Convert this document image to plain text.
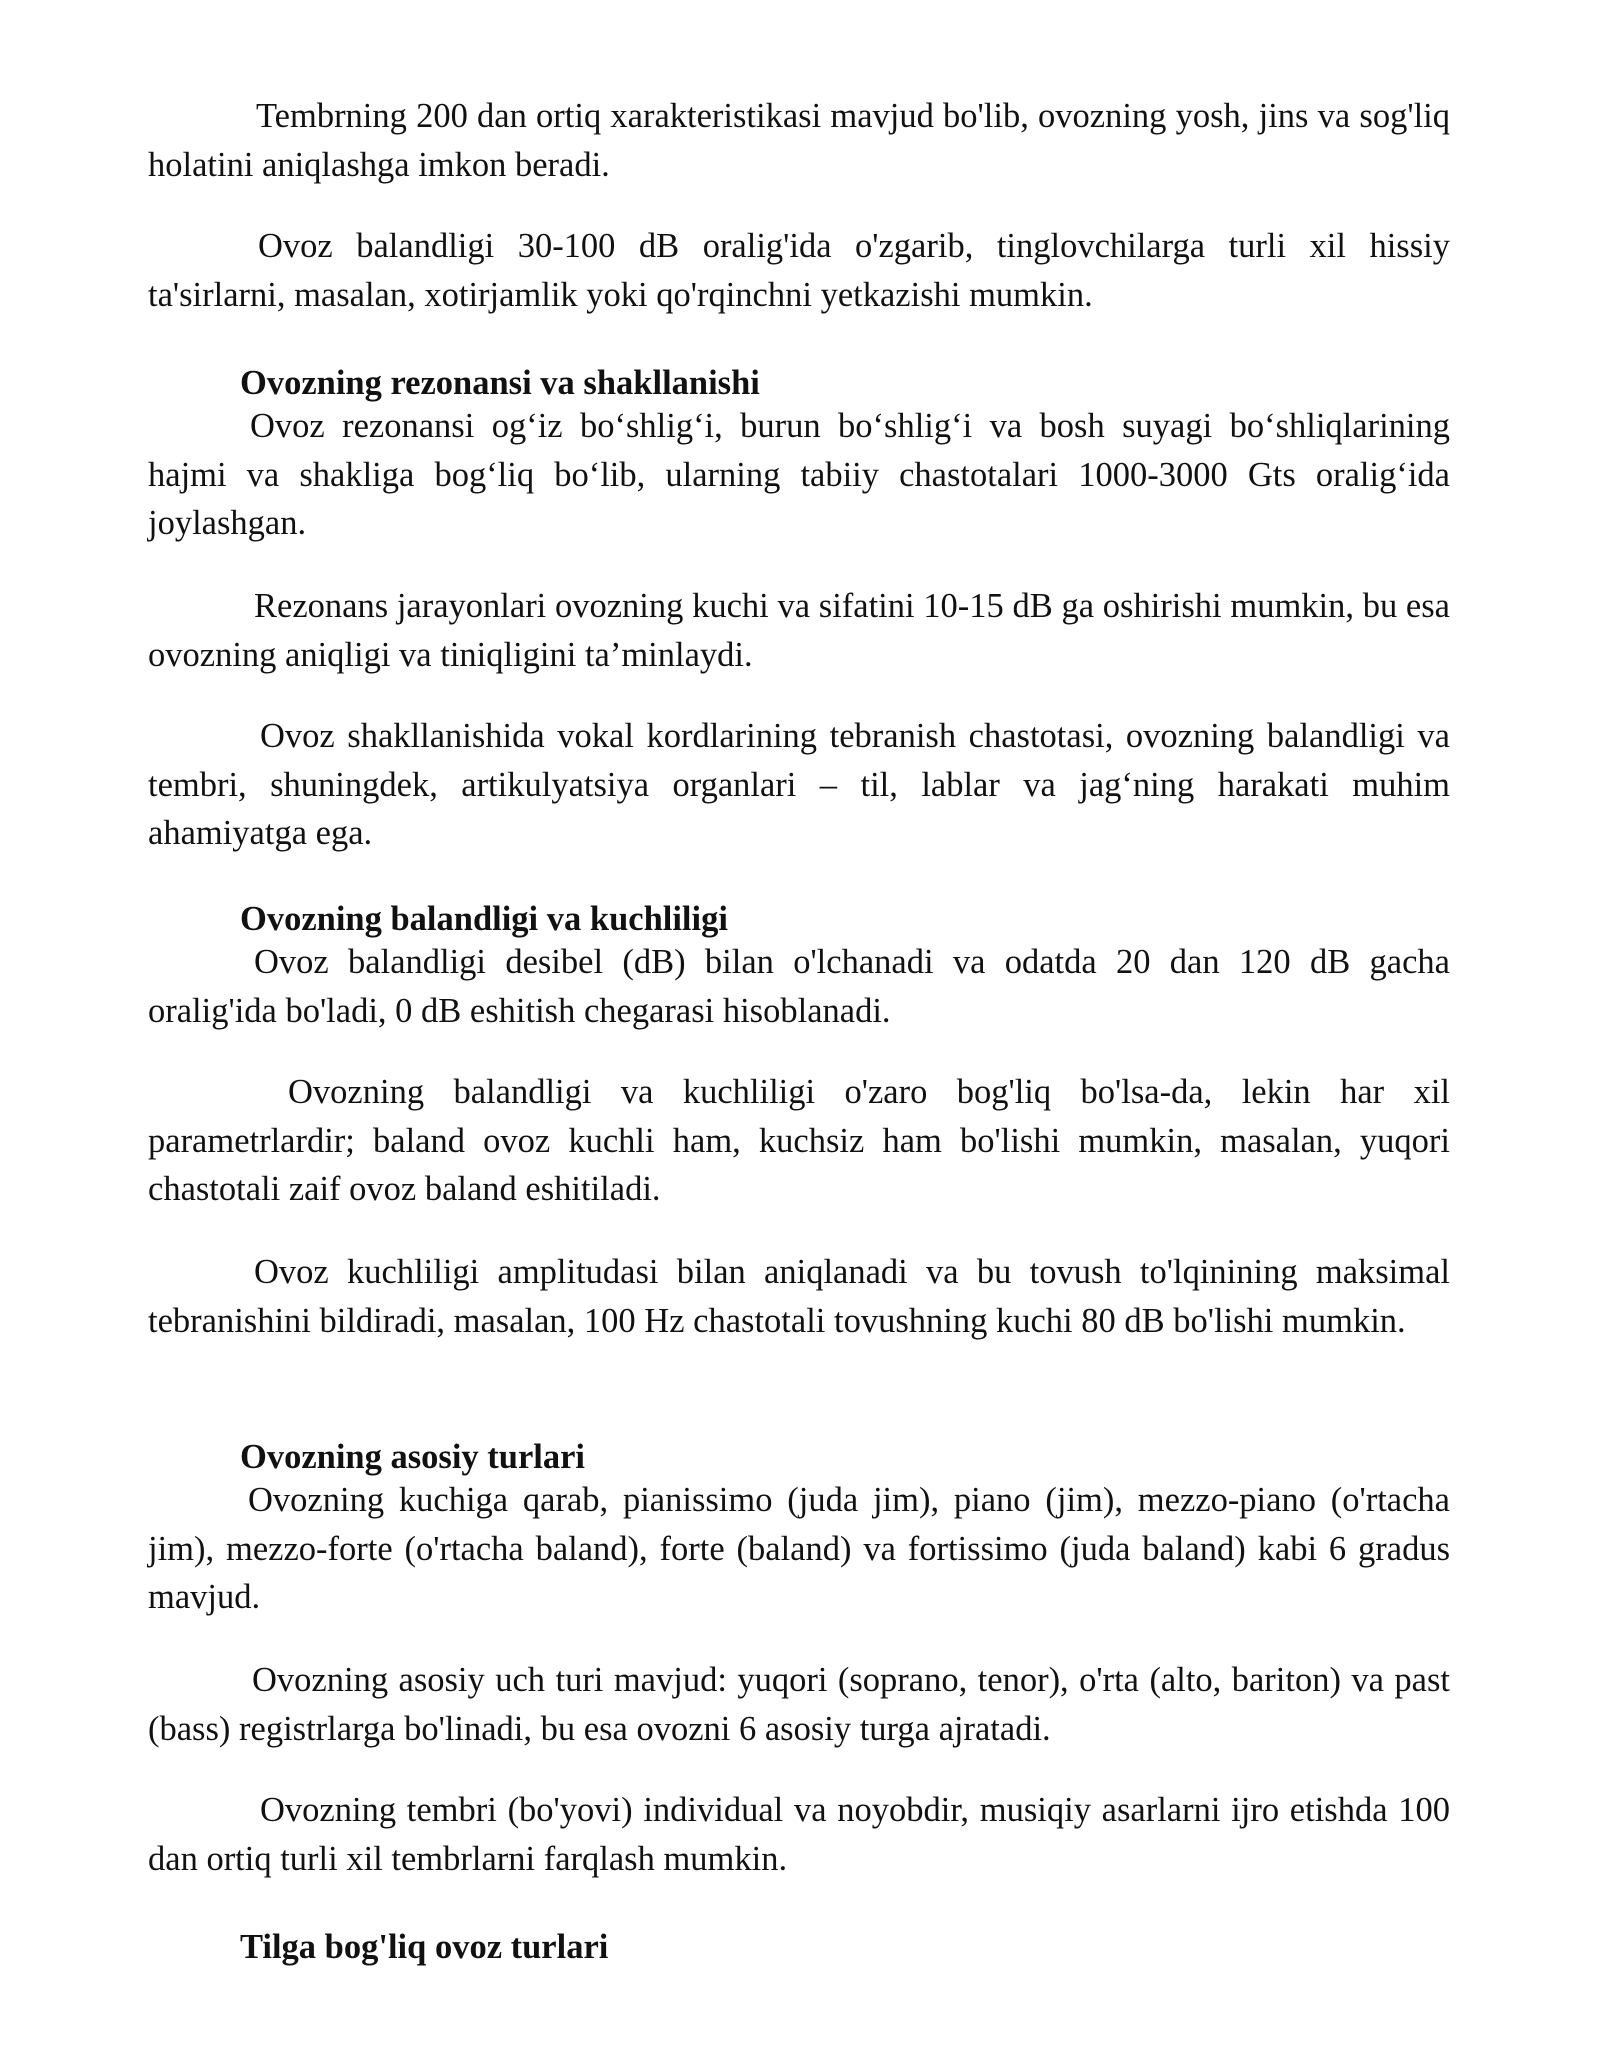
Tembrning 200 dan ortiq xarakteristikasi mavjud bo'lib, ovozning yosh, jins va sog'liq holatini aniqlashga imkon beradi.

Ovoz balandligi 30-100 dB oralig'ida o'zgarib, tinglovchilarga turli xil hissiy ta'sirlarni, masalan, xotirjamlik yoki qo'rqinchni yetkazishi mumkin.

Ovozning rezonansi va shakllanishi

Ovoz rezonansi og‘iz bo‘shlig‘i, burun bo‘shlig‘i va bosh suyagi bo‘shliqlarining hajmi va shakliga bog‘liq bo‘lib, ularning tabiiy chastotalari 1000-3000 Gts oralig‘ida joylashgan.

Rezonans jarayonlari ovozning kuchi va sifatini 10-15 dB ga oshirishi mumkin, bu esa ovozning aniqligi va tiniqligini ta’minlaydi.

Ovoz shakllanishida vokal kordlarining tebranish chastotasi, ovozning balandligi va tembri, shuningdek, artikulyatsiya organlari – til, lablar va jag‘ning harakati muhim ahamiyatga ega.

Ovozning balandligi va kuchliligi

Ovoz balandligi desibel (dB) bilan o'lchanadi va odatda 20 dan 120 dB gacha oralig'ida bo'ladi, 0 dB eshitish chegarasi hisoblanadi.

Ovozning balandligi va kuchliligi o'zaro bog'liq bo'lsa-da, lekin har xil parametrlardir; baland ovoz kuchli ham, kuchsiz ham bo'lishi mumkin, masalan, yuqori chastotali zaif ovoz baland eshitiladi.

Ovoz kuchliligi amplitudasi bilan aniqlanadi va bu tovush to'lqinining maksimal tebranishini bildiradi, masalan, 100 Hz chastotali tovushning kuchi 80 dB bo'lishi mumkin.

Ovozning asosiy turlari

Ovozning kuchiga qarab, pianissimo (juda jim), piano (jim), mezzo-piano (o'rtacha jim), mezzo-forte (o'rtacha baland), forte (baland) va fortissimo (juda baland) kabi 6 gradus mavjud.

Ovozning asosiy uch turi mavjud: yuqori (soprano, tenor), o'rta (alto, bariton) va past (bass) registrlarga bo'linadi, bu esa ovozni 6 asosiy turga ajratadi.

Ovozning tembri (bo'yovi) individual va noyobdir, musiqiy asarlarni ijro etishda 100 dan ortiq turli xil tembrlarni farqlash mumkin.

Tilga bog'liq ovoz turlari
